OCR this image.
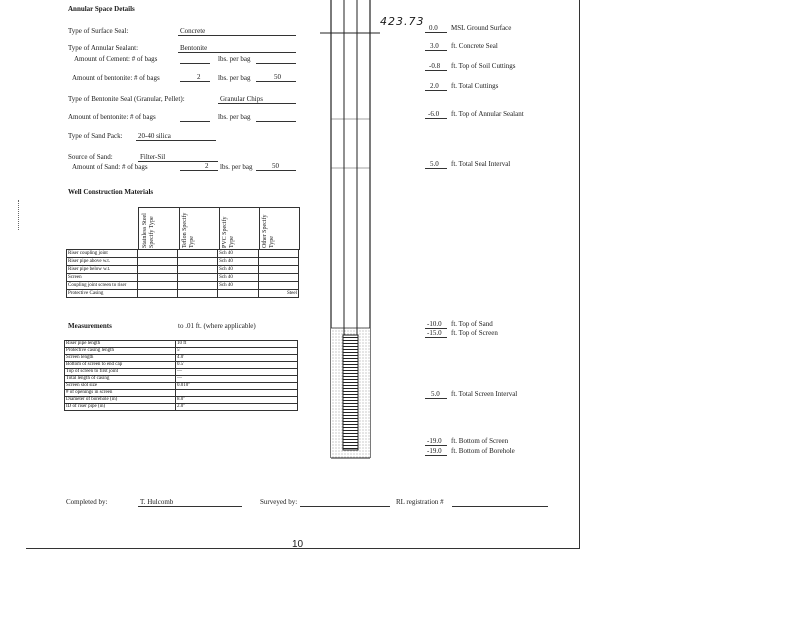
Annular Space Details
Type of Surface Seal:	Concrete
Type of Annular Sealant:	Bentonite
Amount of Cement: # of bags	lbs. per bag
Amount of bentonite: # of bags	2	lbs. per bag	50
Type of Bentonite Seal (Granular, Pellet):	Granular Chips
Amount of bentonite: # of bags	lbs. per bag
Type of Sand Pack: 20-40 silica
Source of Sand:	Filter-Sil
Amount of Sand: # of bags	2 lbs. per bag	50
Well Construction Materials
Stainless Steel Specify Type	Teflon Specify Type	PVC Specify Type	Other Specify Type
Riser coupling joint			Sch 40	
Riser pipe above w.t.			Sch 40	
Riser pipe below w.t.			Sch 40	
Screen			Sch 40	
Coupling joint screen to riser			Sch 40	
Protective Casing				Steel
Measurements	to .01 ft. (where applicable)
Riser pipe length	10 ft
Protective casing length	5'
Screen length	4.0'
Bottom of screen to end cap	0.5'
Top of screen to first joint	—
Total length of casing	—
Screen slot size	0.010"
# of openings in screen	
Diameter of borehole (in)	8.0"
ID of riser pipe (in)	2.0"
423.73 0.0 MSL Ground Surface
3.0 ft. Concrete Seal
-0.8 ft. Top of Soil Cuttings
2.0 ft. Total Cuttings
-6.0 ft. Top of Annular Sealant
5.0 ft. Total Seal Interval
-10.0 ft. Top of Sand
-15.0 ft. Top of Screen
5.0 ft. Total Screen Interval
-19.0 ft. Bottom of Screen
-19.0 ft. Bottom of Borehole
Completed by:	T. Hulcomb	Surveyed by:	RL registration #
10
